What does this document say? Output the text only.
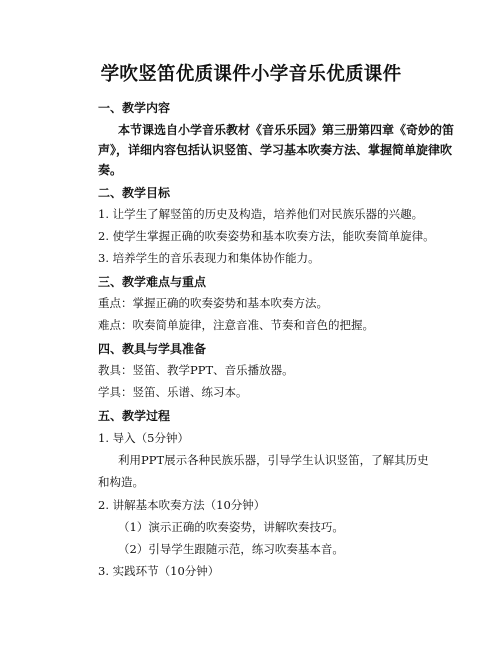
学吹竖笛优质课件小学音乐优质课件
一、教学内容
本节课选自小学音乐教材《音乐乐园》第三册第四章《奇妙的笛
声》，详细内容包括认识竖笛、学习基本吹奏方法、掌握简单旋律吹
奏。
二、教学目标
1. 让学生了解竖笛的历史及构造，培养他们对民族乐器的兴趣。
2. 使学生掌握正确的吹奏姿势和基本吹奏方法，能吹奏简单旋律。
3. 培养学生的音乐表现力和集体协作能力。
三、教学难点与重点
重点：掌握正确的吹奏姿势和基本吹奏方法。
难点：吹奏简单旋律，注意音准、节奏和音色的把握。
四、教具与学具准备
教具：竖笛、教学PPT、音乐播放器。
学具：竖笛、乐谱、练习本。
五、教学过程
1. 导入（5分钟）
利用PPT展示各种民族乐器，引导学生认识竖笛，了解其历史
和构造。
2. 讲解基本吹奏方法（10分钟）
（1）演示正确的吹奏姿势，讲解吹奏技巧。
（2）引导学生跟随示范，练习吹奏基本音。
3. 实践环节（10分钟）
